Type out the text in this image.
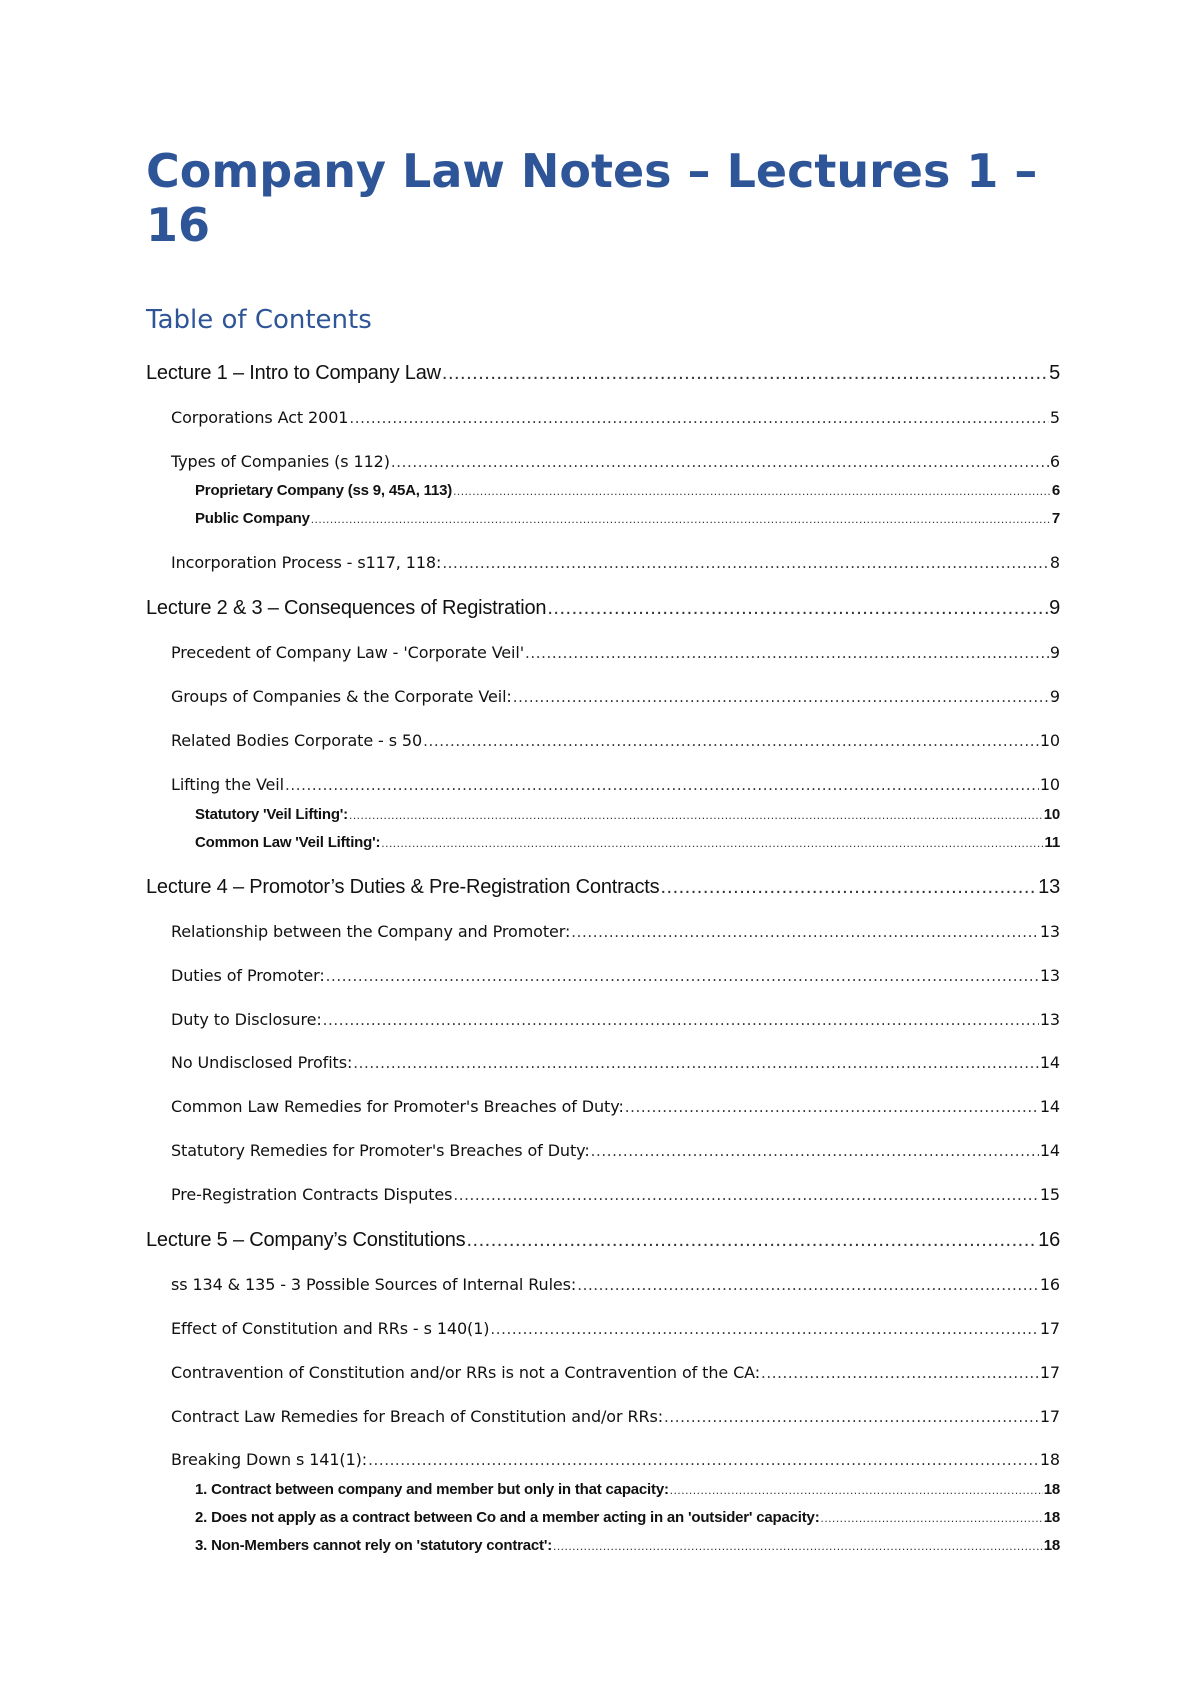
Company Law Notes – Lectures 1 – 16
Table of Contents
Lecture 1 – Intro to Company Law .....	5
Corporations Act 2001 .....	5
Types of Companies (s 112) .....	6
Proprietary Company (ss 9, 45A, 113) .....	6
Public Company .....	7
Incorporation Process - s117, 118: .....	8
Lecture 2 & 3 – Consequences of Registration .....	9
Precedent of Company Law - 'Corporate Veil' .....	9
Groups of Companies & the Corporate Veil: .....	9
Related Bodies Corporate - s 50 .....	10
Lifting the Veil .....	10
Statutory 'Veil Lifting': .....	10
Common Law 'Veil Lifting': .....	11
Lecture 4 – Promotor’s Duties & Pre-Registration Contracts .....	13
Relationship between the Company and Promoter: .....	13
Duties of Promoter: .....	13
Duty to Disclosure: .....	13
No Undisclosed Profits: .....	14
Common Law Remedies for Promoter's Breaches of Duty: .....	14
Statutory Remedies for Promoter's Breaches of Duty: .....	14
Pre-Registration Contracts Disputes .....	15
Lecture 5 – Company’s Constitutions .....	16
ss 134 & 135 - 3 Possible Sources of Internal Rules: .....	16
Effect of Constitution and RRs - s 140(1) .....	17
Contravention of Constitution and/or RRs is not a Contravention of the CA: .....	17
Contract Law Remedies for Breach of Constitution and/or RRs: .....	17
Breaking Down s 141(1): .....	18
1. Contract between company and member but only in that capacity: .....	18
2. Does not apply as a contract between Co and a member acting in an 'outsider' capacity: .....	18
3. Non-Members cannot rely on 'statutory contract': .....	18
